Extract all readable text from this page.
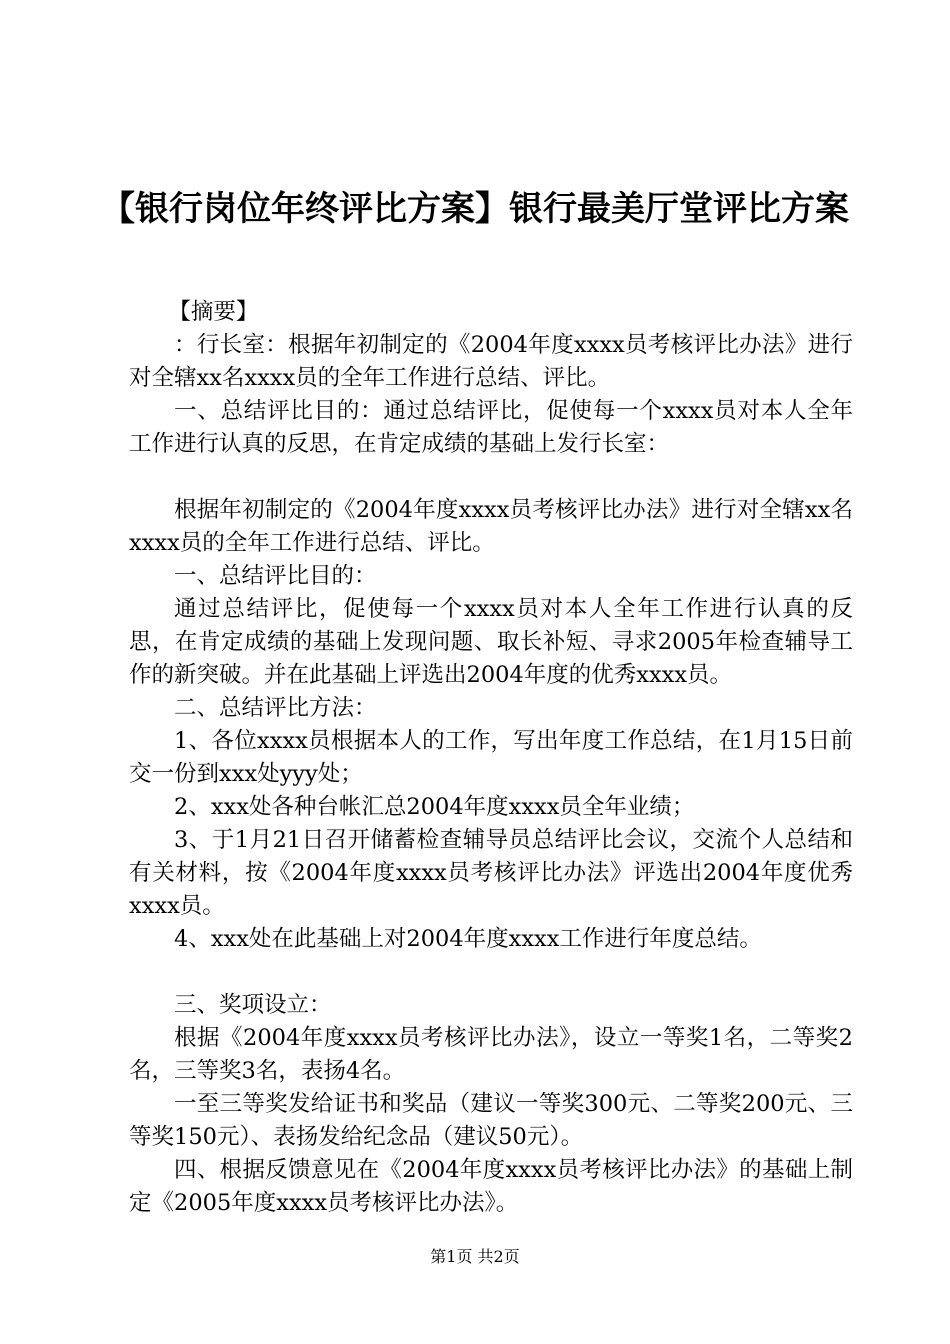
【银行岗位年终评比方案】银行最美厅堂评比方案

【摘要】

：行长室：根据年初制定的《2004年度xxxx员考核评比办法》进行对全辖xx名xxxx员的全年工作进行总结、评比。

一、总结评比目的：通过总结评比，促使每一个xxxx员对本人全年工作进行认真的反思，在肯定成绩的基础上发行长室：

根据年初制定的《2004年度xxxx员考核评比办法》进行对全辖xx名xxxx员的全年工作进行总结、评比。

一、总结评比目的：

通过总结评比，促使每一个xxxx员对本人全年工作进行认真的反思，在肯定成绩的基础上发现问题、取长补短、寻求2005年检查辅导工作的新突破。并在此基础上评选出2004年度的优秀xxxx员。

二、总结评比方法：

1、各位xxxx员根据本人的工作，写出年度工作总结，在1月15日前交一份到xxx处yyy处；

2、xxx处各种台帐汇总2004年度xxxx员全年业绩；

3、于1月21日召开储蓄检查辅导员总结评比会议，交流个人总结和有关材料，按《2004年度xxxx员考核评比办法》评选出2004年度优秀xxxx员。

4、xxx处在此基础上对2004年度xxxx工作进行年度总结。

三、奖项设立：

根据《2004年度xxxx员考核评比办法》，设立一等奖1名，二等奖2名，三等奖3名，表扬4名。

一至三等奖发给证书和奖品（建议一等奖300元、二等奖200元、三等奖150元）、表扬发给纪念品（建议50元）。

四、根据反馈意见在《2004年度xxxx员考核评比办法》的基础上制定《2005年度xxxx员考核评比办法》。

第1页 共2页
